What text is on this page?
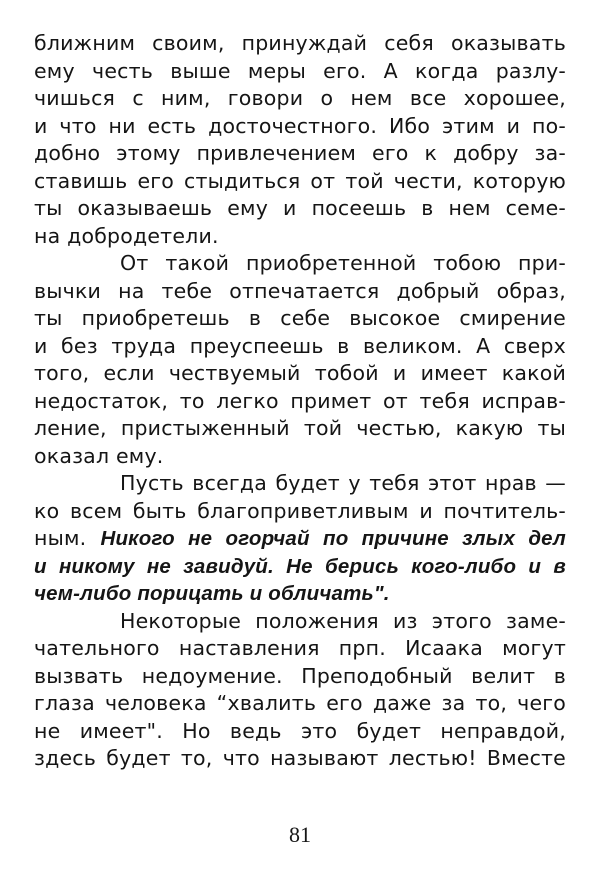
ближним своим, принуждай себя оказывать
ему честь выше меры его. А когда разлу-
чишься с ним, говори о нем все хорошее,
и что ни есть досточестного. Ибо этим и по-
добно этому привлечением его к добру за-
ставишь его стыдиться от той чести, которую
ты оказываешь ему и посеешь в нем семе-
на добродетели.
От такой приобретенной тобою при-
вычки на тебе отпечатается добрый образ,
ты приобретешь в себе высокое смирение
и без труда преуспеешь в великом. А сверх
того, если чествуемый тобой и имеет какой
недостаток, то легко примет от тебя исправ-
ление, пристыженный той честью, какую ты
оказал ему.
Пусть всегда будет у тебя этот нрав —
ко всем быть благоприветливым и почтитель-
ным. Никого не огорчай по причине злых дел
и никому не завидуй. Не берись кого-либо и в
чем-либо порицать и обличать".
Некоторые положения из этого заме-
чательного наставления прп. Исаака могут
вызвать недоумение. Преподобный велит в
глаза человека “хвалить его даже за то, чего
не имеет". Но ведь это будет неправдой,
здесь будет то, что называют лестью! Вместе
81
